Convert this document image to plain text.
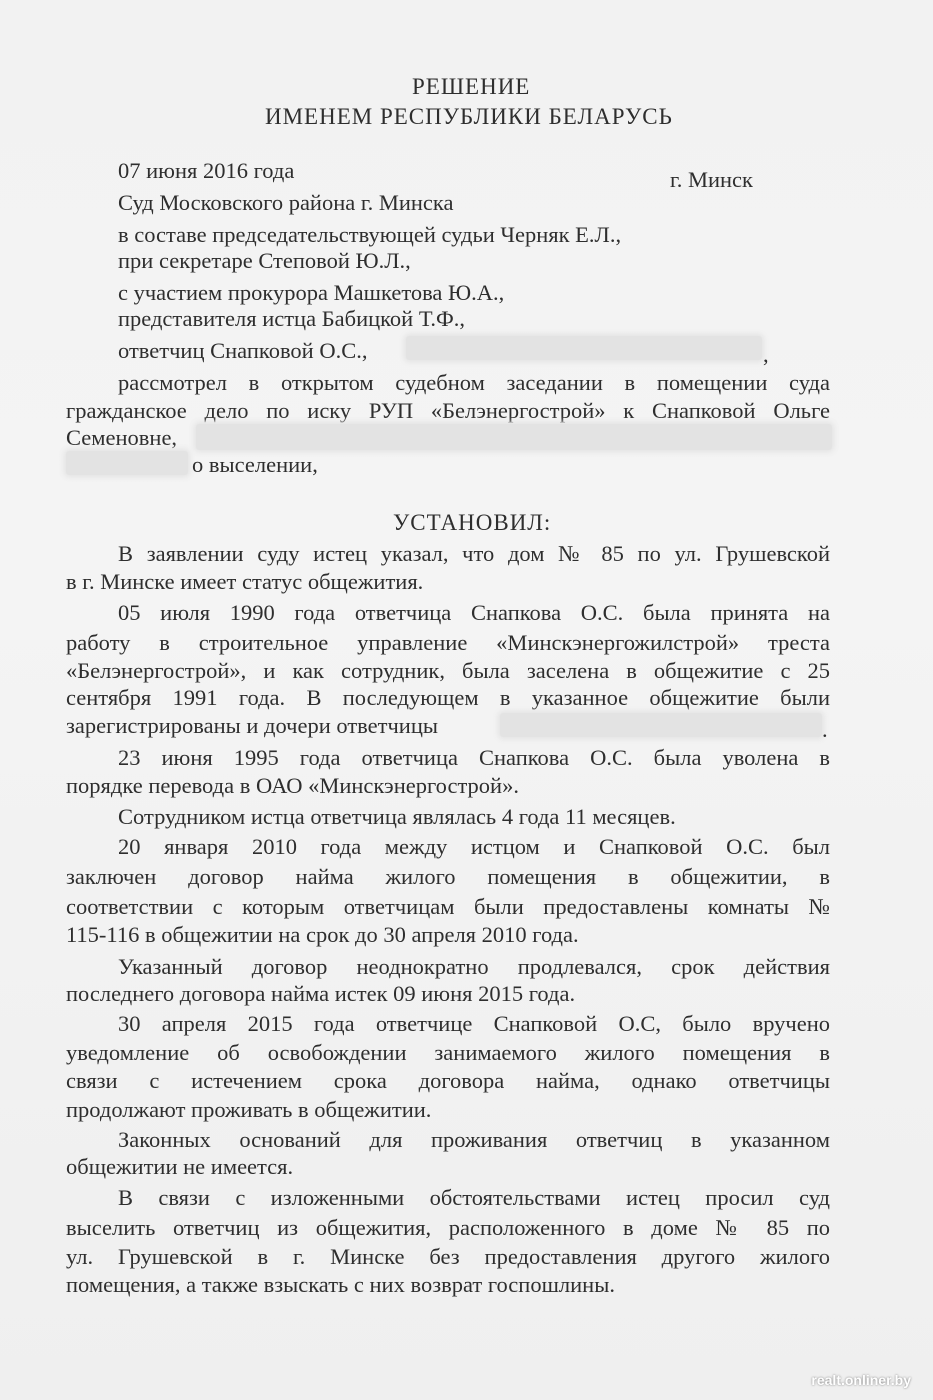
РЕШЕНИЕ
ИМЕНЕМ РЕСПУБЛИКИ БЕЛАРУСЬ
07 июня 2016 года	г. Минск
Суд Московского района г. Минска
в составе председательствующей судьи Черняк Е.Л.,
при секретаре Степовой Ю.Л.,
с участием прокурора Машкетова Ю.А.,
представителя истца Бабицкой Т.Ф.,
ответчиц Снапковой О.С.,	,
рассмотрел в открытом судебном заседании в помещении суда
гражданское дело по иску РУП «Белэнергострой» к Снапковой Ольге
Семеновне,
о выселении,
УСТАНОВИЛ:
В заявлении суду истец указал, что дом № 85 по ул. Грушевской
в г. Минске имеет статус общежития.
05 июля 1990 года ответчица Снапкова О.С. была принята на
работу в строительное управление «Минскэнергожилстрой» треста
«Белэнергострой», и как сотрудник, была заселена в общежитие с 25
сентября 1991 года. В последующем в указанное общежитие были
зарегистрированы и дочери ответчицы	.
23 июня 1995 года ответчица Снапкова О.С. была уволена в
порядке перевода в ОАО «Минскэнергострой».
Сотрудником истца ответчица являлась 4 года 11 месяцев.
20 января 2010 года между истцом и Снапковой О.С. был
заключен договор найма жилого помещения в общежитии, в
соответствии с которым ответчицам были предоставлены комнаты №
115-116 в общежитии на срок до 30 апреля 2010 года.
Указанный договор неоднократно продлевался, срок действия
последнего договора найма истек 09 июня 2015 года.
30 апреля 2015 года ответчице Снапковой О.С, было вручено
уведомление об освобождении занимаемого жилого помещения в
связи с истечением срока договора найма, однако ответчицы
продолжают проживать в общежитии.
Законных оснований для проживания ответчиц в указанном
общежитии не имеется.
В связи с изложенными обстоятельствами истец просил суд
выселить ответчиц из общежития, расположенного в доме № 85 по
ул. Грушевской в г. Минске без предоставления другого жилого
помещения, а также взыскать с них возврат госпошлины.
realt.onliner.by
